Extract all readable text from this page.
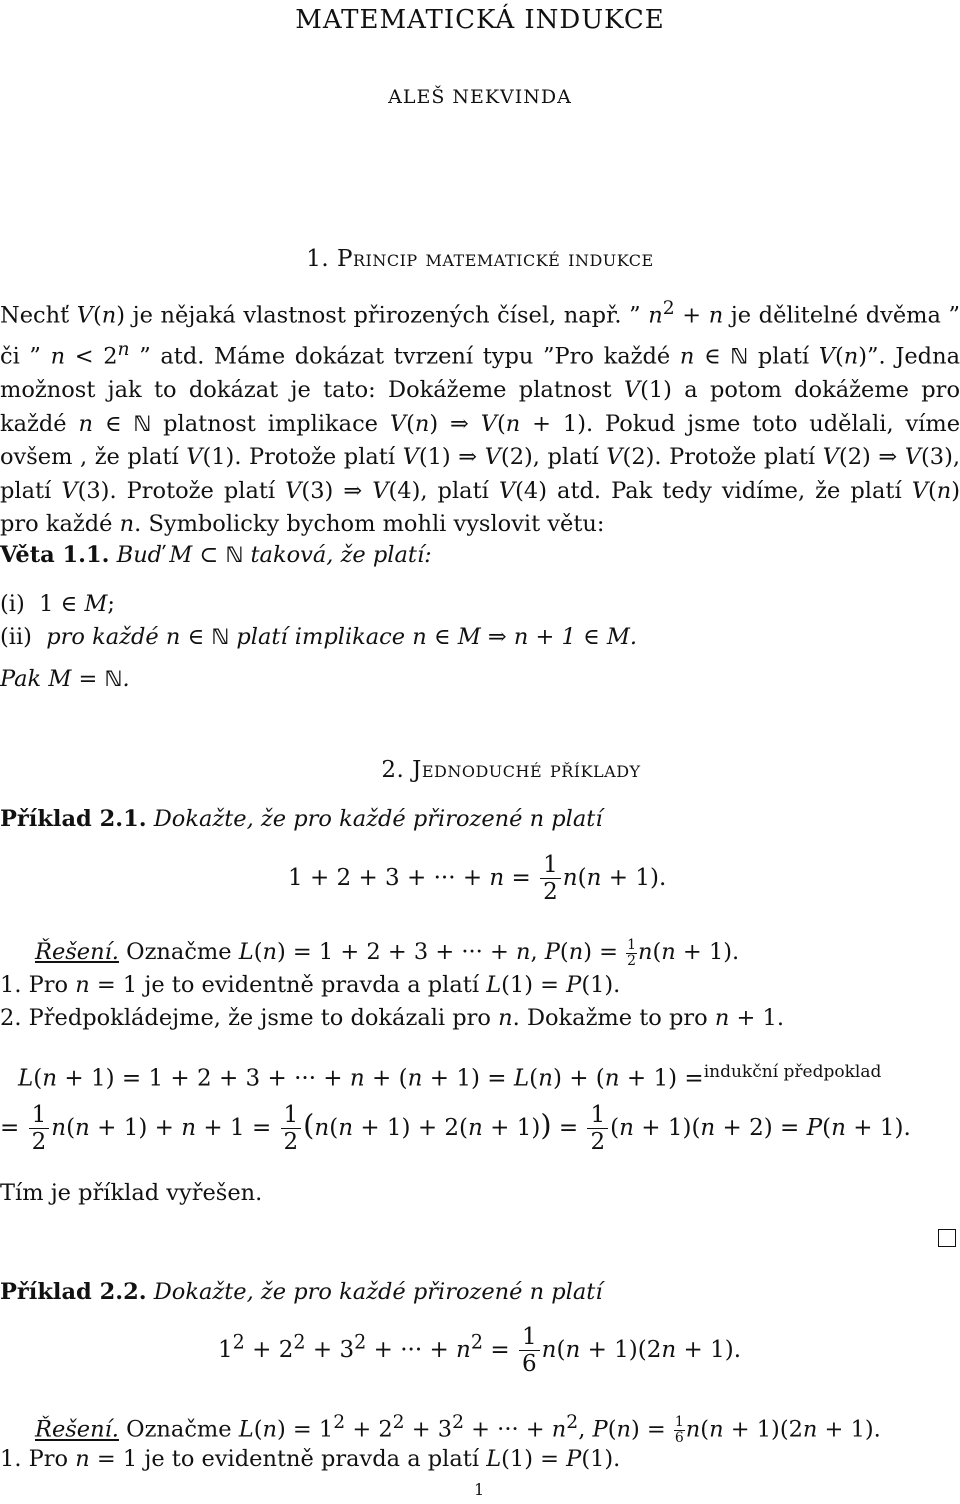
MATEMATICKÁ INDUKCE
ALEŠ NEKVINDA
1. Princip matematické indukce

Nechť V(n) je nějaká vlastnost přirozených čísel, např. ” $n^2 + n$ je dělitelné dvěma ” či ” $n < 2^n$ ” atd. Máme dokázat tvrzení typu ”Pro každé n ∈ ℕ platí V(n)”. Jedna možnost jak to dokázat je tato: Dokážeme platnost V(1) a potom dokážeme pro každé n ∈ ℕ platnost implikace V(n) ⇒ V(n + 1). Pokud jsme toto udělali, víme ovšem , že platí V(1). Protože platí V(1) ⇒ V(2), platí V(2). Protože platí V(2) ⇒ V(3), platí V(3). Protože platí V(3) ⇒ V(4), platí V(4) atd. Pak tedy vidíme, že platí V(n) pro každé n. Symbolicky bychom mohli vyslovit větu:

Věta 1.1. Buď M ⊂ ℕ taková, že platí:
(i)  1 ∈ M;
(ii) pro každé n ∈ ℕ platí implikace n ∈ M ⇒ n + 1 ∈ M.
Pak M = ℕ.
2. Jednoduché příklady
Příklad 2.1. Dokažte, že pro každé přirozené n platí
1 + 2 + 3 + ··· + $n = \frac{1}{2} n(n + 1)$.
Řešení. Označme L(n) = 1 + 2 + 3 + ··· + n, $P(n) = \frac{1}{2} n(n + 1)$.
1. Pro n = 1 je to evidentně pravda a platí L(1) = P(1).
2. Předpokládejme, že jsme to dokázali pro n. Dokažme to pro n + 1.
L(n + 1) = 1 + 2 + 3 + ··· + n + (n + 1) = L(n) + (n + 1) =$^{indukční předpoklad}$
= $\frac{1}{2} n(n + 1) + n + 1 = \frac{1}{2} (n(n + 1) + 2(n + 1)) = \frac{1}{2} (n + 1)(n + 2) = P(n + 1)$.
Tím je příklad vyřešen.
Příklad 2.2. Dokažte, že pro každé přirozené n platí
$1^2 + 2^2 + 3^2$ + ··· + $n^2 = \frac{1}{6} n(n + 1)(2n + 1)$.
Řešení. Označme $L(n) = 1^2 + 2^2 + 3^2$ + ··· + $n^2$, $P(n) = \frac{1}{6} n(n + 1)(2n + 1)$.
1. Pro n = 1 je to evidentně pravda a platí L(1) = P(1).
1
